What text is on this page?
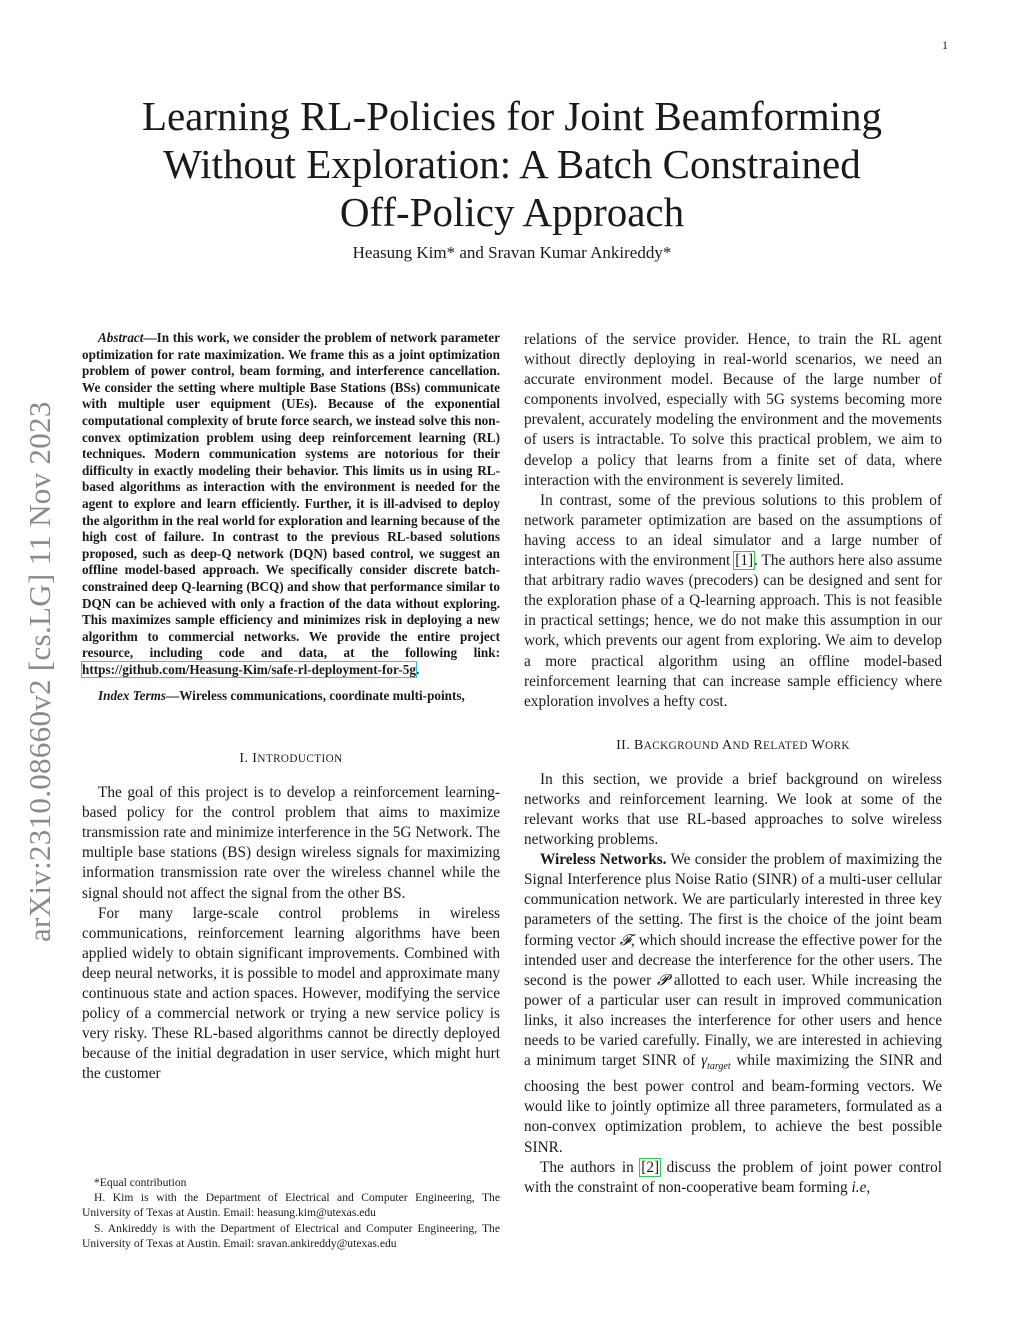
1
arXiv:2310.08660v2 [cs.LG] 11 Nov 2023
Learning RL-Policies for Joint Beamforming
Without Exploration: A Batch Constrained
Off-Policy Approach
Heasung Kim* and Sravan Kumar Ankireddy*

Abstract—In this work, we consider the problem of network parameter optimization for rate maximization. We frame this as a joint optimization problem of power control, beam forming, and interference cancellation. We consider the setting where multiple Base Stations (BSs) communicate with multiple user equipment (UEs). Because of the exponential computational complexity of brute force search, we instead solve this non-convex optimization problem using deep reinforcement learning (RL) techniques. Modern communication systems are notorious for their difficulty in exactly modeling their behavior. This limits us in using RL-based algorithms as interaction with the environment is needed for the agent to explore and learn efficiently. Further, it is ill-advised to deploy the algorithm in the real world for exploration and learning because of the high cost of failure. In contrast to the previous RL-based solutions proposed, such as deep-Q network (DQN) based control, we suggest an offline model-based approach. We specifically consider discrete batch-constrained deep Q-learning (BCQ) and show that performance similar to DQN can be achieved with only a fraction of the data without exploring. This maximizes sample efficiency and minimizes risk in deploying a new algorithm to commercial networks. We provide the entire project resource, including code and data, at the following link: https://github.com/Heasung-Kim/safe-rl-deployment-for-5g.

Index Terms—Wireless communications, coordinate multi-points,

I. INTRODUCTION

The goal of this project is to develop a reinforcement learning-based policy for the control problem that aims to maximize transmission rate and minimize interference in the 5G Network. The multiple base stations (BS) design wireless signals for maximizing information transmission rate over the wireless channel while the signal should not affect the signal from the other BS.

For many large-scale control problems in wireless communications, reinforcement learning algorithms have been applied widely to obtain significant improvements. Combined with deep neural networks, it is possible to model and approximate many continuous state and action spaces. However, modifying the service policy of a commercial network or trying a new service policy is very risky. These RL-based algorithms cannot be directly deployed because of the initial degradation in user service, which might hurt the customer

*Equal contribution

H. Kim is with the Department of Electrical and Computer Engineering, The University of Texas at Austin. Email: heasung.kim@utexas.edu

S. Ankireddy is with the Department of Electrical and Computer Engineering, The University of Texas at Austin. Email: sravan.ankireddy@utexas.edu

relations of the service provider. Hence, to train the RL agent without directly deploying in real-world scenarios, we need an accurate environment model. Because of the large number of components involved, especially with 5G systems becoming more prevalent, accurately modeling the environment and the movements of users is intractable. To solve this practical problem, we aim to develop a policy that learns from a finite set of data, where interaction with the environment is severely limited.

In contrast, some of the previous solutions to this problem of network parameter optimization are based on the assumptions of having access to an ideal simulator and a large number of interactions with the environment [1]. The authors here also assume that arbitrary radio waves (precoders) can be designed and sent for the exploration phase of a Q-learning approach. This is not feasible in practical settings; hence, we do not make this assumption in our work, which prevents our agent from exploring. We aim to develop a more practical algorithm using an offline model-based reinforcement learning that can increase sample efficiency where exploration involves a hefty cost.

II. BACKGROUND AND RELATED WORK

In this section, we provide a brief background on wireless networks and reinforcement learning. We look at some of the relevant works that use RL-based approaches to solve wireless networking problems.

Wireless Networks. We consider the problem of maximizing the Signal Interference plus Noise Ratio (SINR) of a multi-user cellular communication network. We are particularly interested in three key parameters of the setting. The first is the choice of the joint beam forming vector 𝓕, which should increase the effective power for the intended user and decrease the interference for the other users. The second is the power 𝓟 allotted to each user. While increasing the power of a particular user can result in improved communication links, it also increases the interference for other users and hence needs to be varied carefully. Finally, we are interested in achieving a minimum target SINR of $\gamma_{target}$ while maximizing the SINR and choosing the best power control and beam-forming vectors. We would like to jointly optimize all three parameters, formulated as a non-convex optimization problem, to achieve the best possible SINR.

The authors in [2] discuss the problem of joint power control with the constraint of non-cooperative beam forming i.e,
